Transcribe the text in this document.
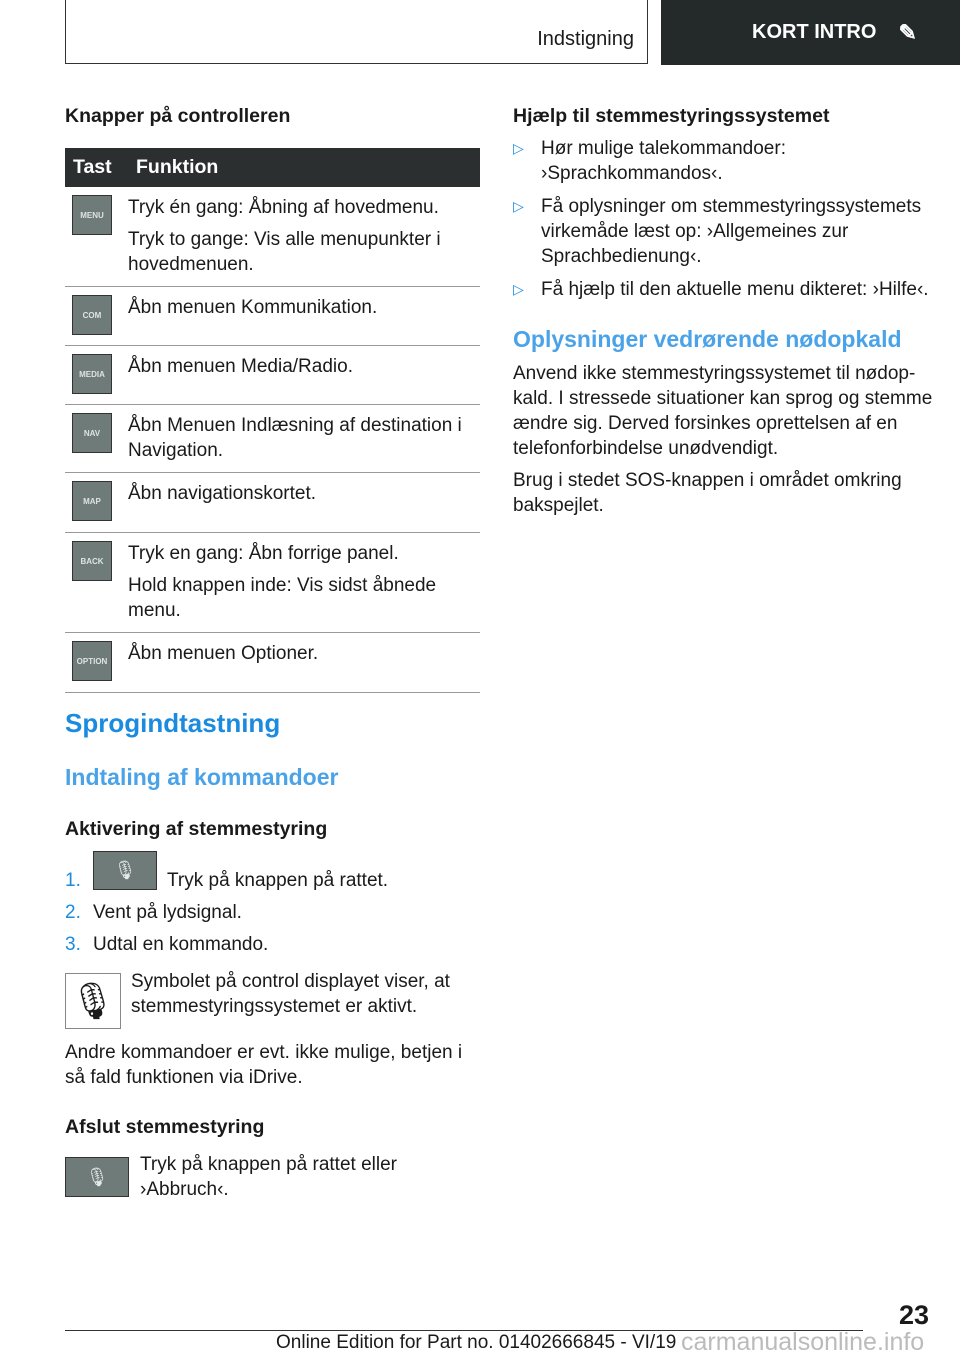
Indstigning	KORT INTRO ✎
Knapper på controlleren
Tast	Funktion

MENU	Tryk én gang: Åbning af hovedmenu.
Tryk to gange: Vis alle menupunkter i hovedmenuen.

COM	Åbn menuen Kommunikation.

MEDIA	Åbn menuen Media/Radio.

NAV	Åbn Menuen Indlæsning af destination i Navigation.

MAP	Åbn navigationskortet.

BACK	Tryk en gang: Åbn forrige panel.
Hold knappen inde: Vis sidst åbnede menu.

OPTION	Åbn menuen Optioner.
Sprogindtastning
Indtaling af kommandoer
Aktivering af stemmestyring
🎙
1.	Tryk på knappen på rattet.
2. Vent på lydsignal.
3. Udtal en kommando.
🎙 Symbolet på control displayet viser, at stemmestyringssystemet er aktivt.
Andre kommandoer er evt. ikke mulige, betjen i så fald funktionen via iDrive.
Afslut stemmestyring
🎙
Tryk på knappen på rattet eller ›Abbruch‹.
Hjælp til stemmestyringssystemet
▷ Hør mulige talekommandoer: ›Sprachkommandos‹.
▷ Få oplysninger om stemmestyringssystemets virkemåde læst op: ›Allgemeines zur Sprachbedienung‹.
▷ Få hjælp til den aktuelle menu dikteret: ›Hilfe‹.
Oplysninger vedrørende nødopkald
Anvend ikke stemmestyringssystemet til nødopkald. I stressede situationer kan sprog og stemme ændre sig. Derved forsinkes oprettelsen af en telefonforbindelse unødvendigt.
Brug i stedet SOS-knappen i området omkring bakspejlet.
23
Online Edition for Part no. 01402666845 - VI/19 carmanualsonline.info
